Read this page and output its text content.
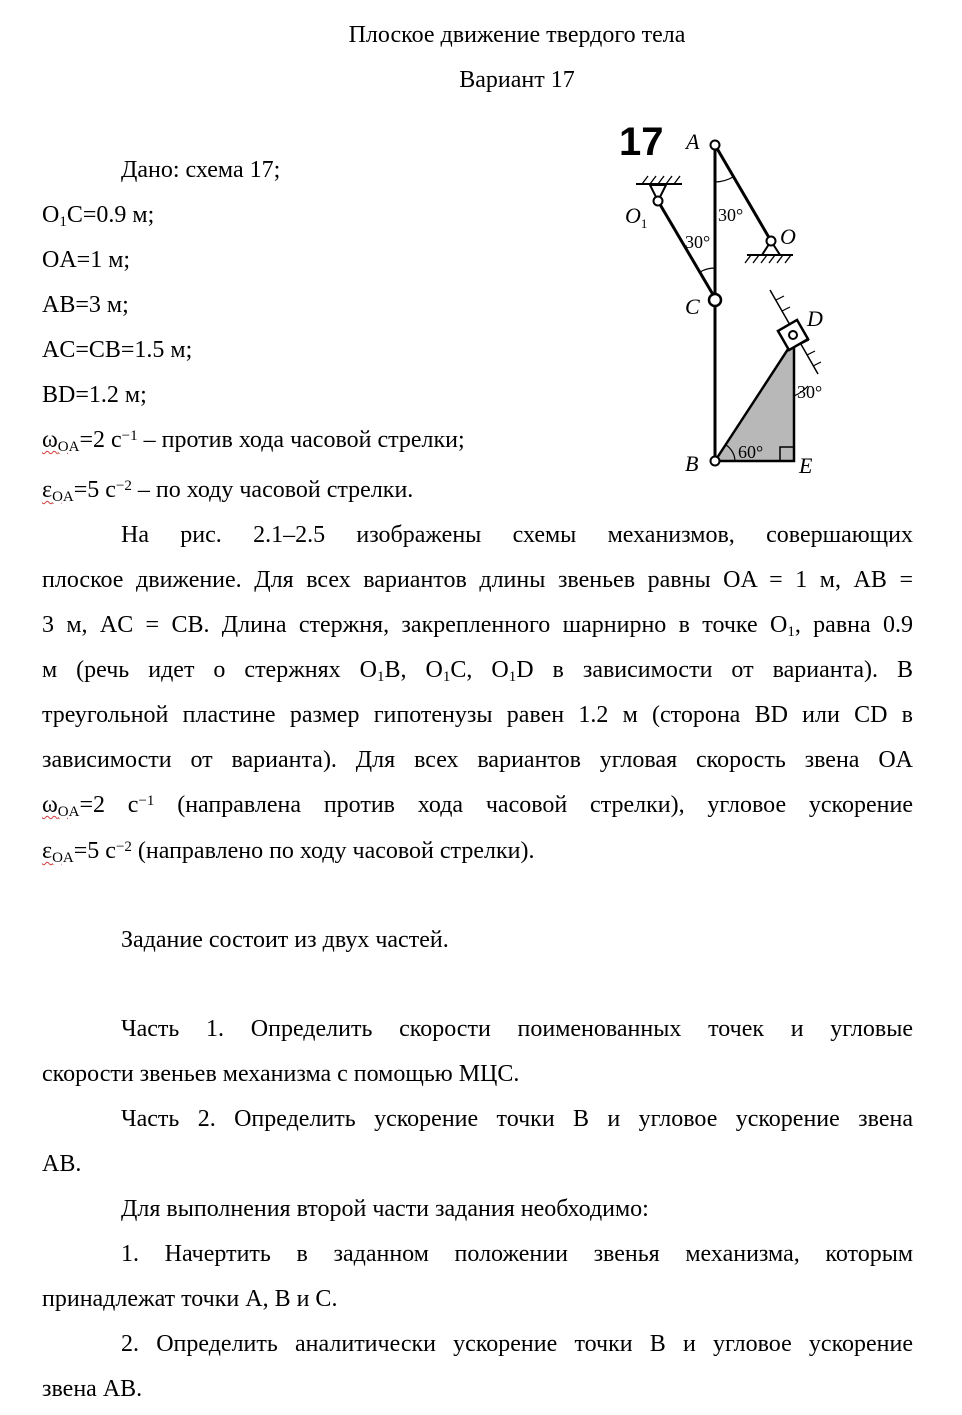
Плоское движение твердого тела
Вариант 17
Дано: схема 17;
$O_1C=0.9$ м;
OA=1 м;
AB=3 м;
AC=CB=1.5 м;
BD=1.2 м;
$\omega_{OA}=2$ $с^{-1}$ – против хода часовой стрелки;
$\varepsilon_{OA}=5$ $с^{-2}$ – по ходу часовой стрелки.
17 A
O
$O_1$
C	D
B	E
30°
30°
30°
60°
На рис. 2.1–2.5 изображены схемы механизмов, совершающих
плоское движение. Для всех вариантов длины звеньев равны OA = 1 м, AB =
3 м, AC = CB. Длина стержня, закрепленного шарнирно в точке $O_1$, равна 0.9
м (речь идет о стержнях $O_1B$, $O_1C$, $O_1D$ в зависимости от варианта). В
треугольной пластине размер гипотенузы равен 1.2 м (сторона BD или CD в
зависимости от варианта). Для всех вариантов угловая скорость звена OA
$\omega_{OA}=2$ $с^{-1}$ (направлена против хода часовой стрелки), угловое ускорение
$\varepsilon_{OA}=5$ $с^{-2}$ (направлено по ходу часовой стрелки).
Задание состоит из двух частей.
Часть 1. Определить скорости поименованных точек и угловые
скорости звеньев механизма с помощью МЦС.
Часть 2. Определить ускорение точки B и угловое ускорение звена
AB.
Для выполнения второй части задания необходимо:
1. Начертить в заданном положении звенья механизма, которым
принадлежат точки A, B и C.
2. Определить аналитически ускорение точки B и угловое ускорение
звена AB.
